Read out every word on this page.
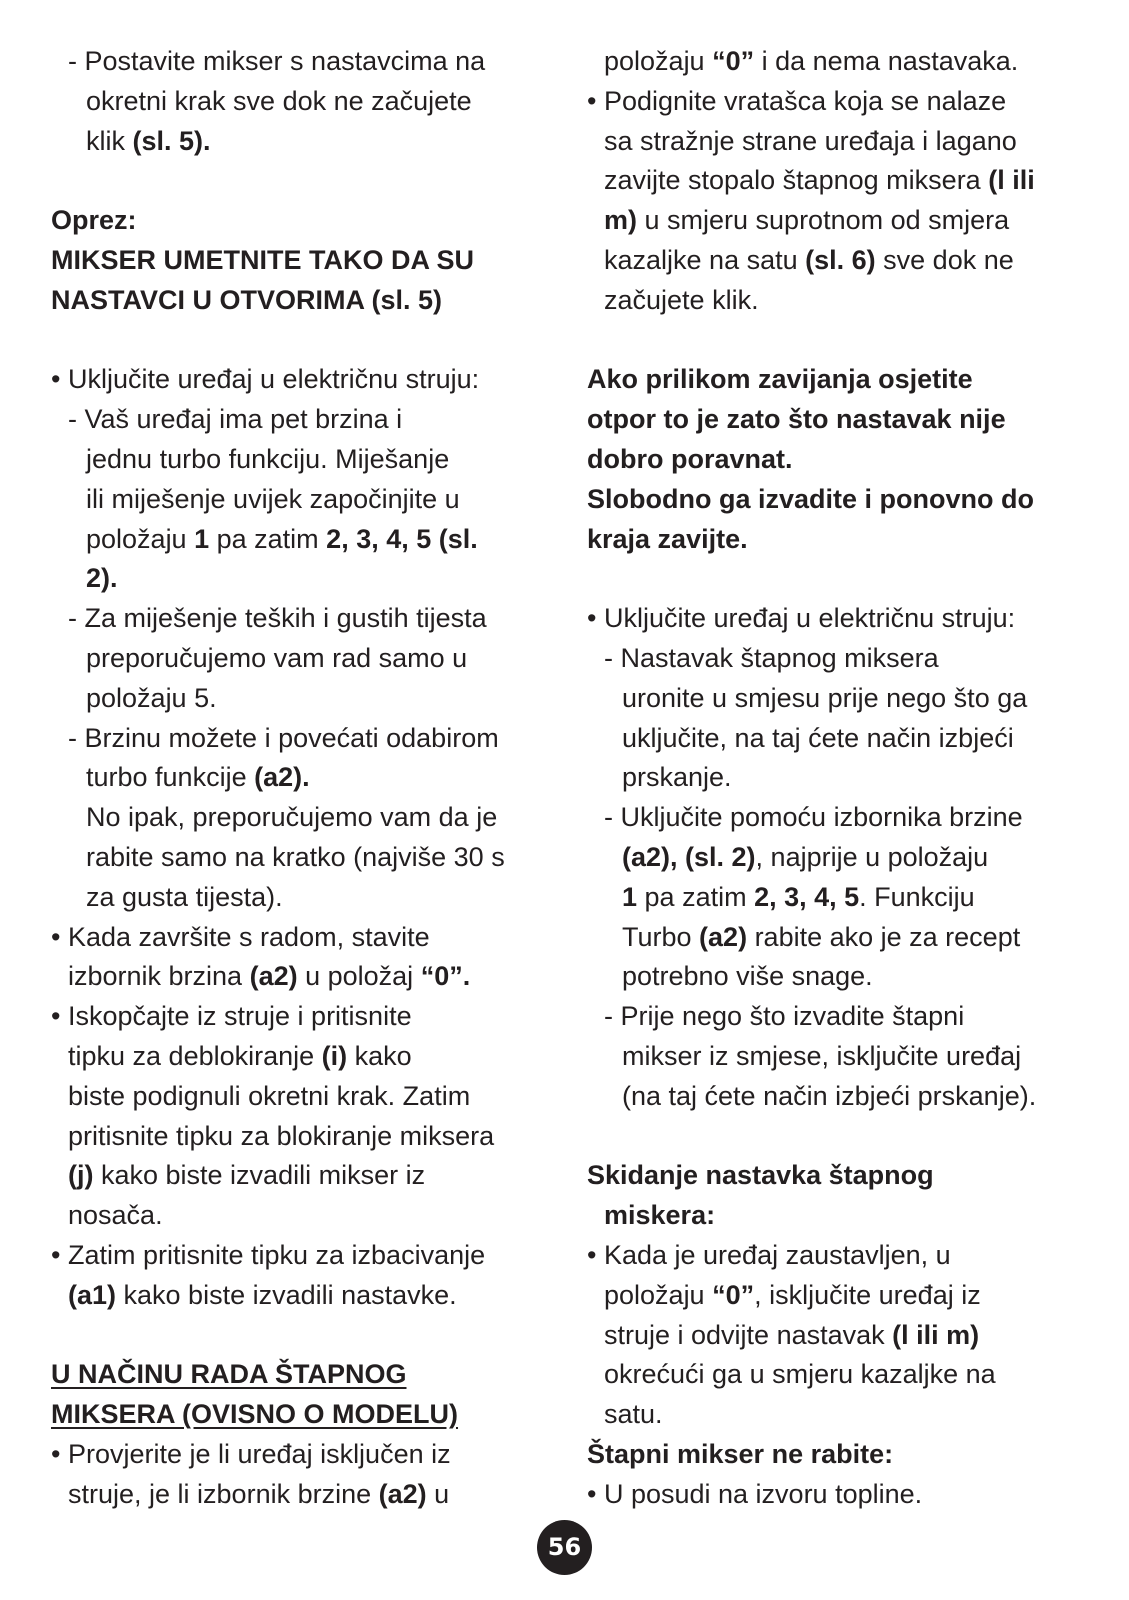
- Postavite mikser s nastavcima na
okretni krak sve dok ne začujete
klik (sl. 5).
Oprez:
MIKSER UMETNITE TAKO DA SU
NASTAVCI U OTVORIMA (sl. 5)
• Uključite uređaj u električnu struju:
- Vaš uređaj ima pet brzina i
jednu turbo funkciju. Miješanje
ili miješenje uvijek započinjite u
položaju 1 pa zatim 2, 3, 4, 5 (sl.
2).
- Za miješenje teških i gustih tijesta
preporučujemo vam rad samo u
položaju 5.
- Brzinu možete i povećati odabirom
turbo funkcije (a2).
No ipak, preporučujemo vam da je
rabite samo na kratko (najviše 30 s
za gusta tijesta).
• Kada završite s radom, stavite
izbornik brzina (a2) u položaj “0”.
• Iskopčajte iz struje i pritisnite
tipku za deblokiranje (i) kako
biste podignuli okretni krak. Zatim
pritisnite tipku za blokiranje miksera
(j) kako biste izvadili mikser iz
nosača.
• Zatim pritisnite tipku za izbacivanje
(a1) kako biste izvadili nastavke.
U NAČINU RADA ŠTAPNOG
MIKSERA (OVISNO O MODELU)
• Provjerite je li uređaj isključen iz
struje, je li izbornik brzine (a2) u
položaju “0” i da nema nastavaka.
• Podignite vratašca koja se nalaze
sa stražnje strane uređaja i lagano
zavijte stopalo štapnog miksera (l ili
m) u smjeru suprotnom od smjera
kazaljke na satu (sl. 6) sve dok ne
začujete klik.
Ako prilikom zavijanja osjetite
otpor to je zato što nastavak nije
dobro poravnat.
Slobodno ga izvadite i ponovno do
kraja zavijte.
• Uključite uređaj u električnu struju:
- Nastavak štapnog miksera
uronite u smjesu prije nego što ga
uključite, na taj ćete način izbjeći
prskanje.
- Uključite pomoću izbornika brzine
(a2), (sl. 2), najprije u položaju
1 pa zatim 2, 3, 4, 5. Funkciju
Turbo (a2) rabite ako je za recept
potrebno više snage.
- Prije nego što izvadite štapni
mikser iz smjese, isključite uređaj
(na taj ćete način izbjeći prskanje).
Skidanje nastavka štapnog
miskera:
• Kada je uređaj zaustavljen, u
položaju “0”, isključite uređaj iz
struje i odvijte nastavak (l ili m)
okrećući ga u smjeru kazaljke na
satu.
Štapni mikser ne rabite:
• U posudi na izvoru topline.
56
